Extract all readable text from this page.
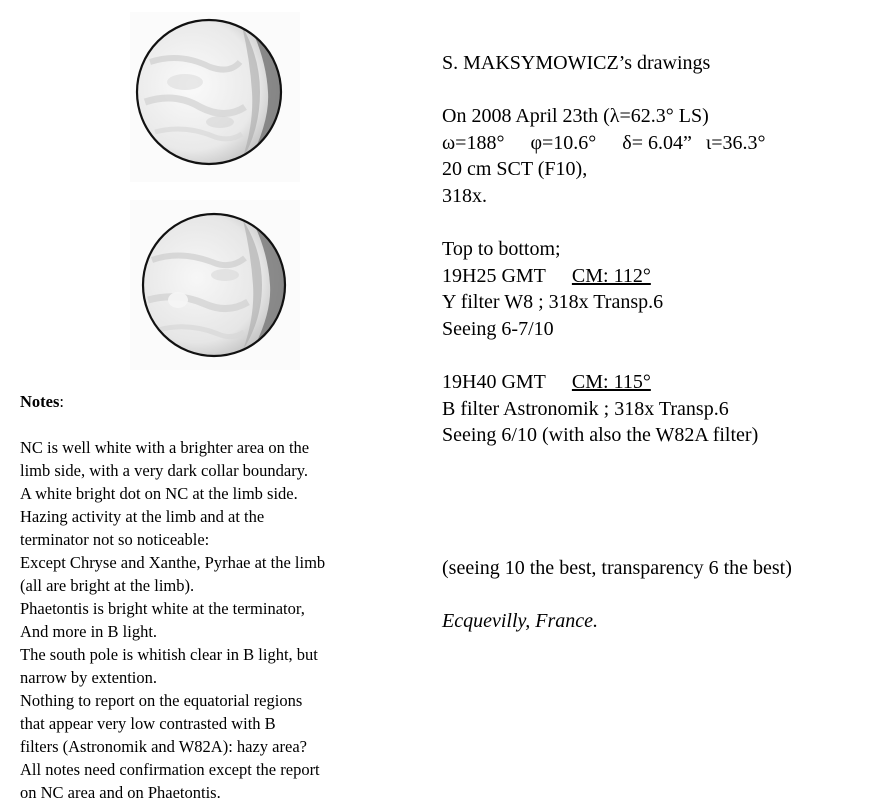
S. MAKSYMOWICZ’s drawings
On 2008 April 23th (λ=62.3° LS)
ω=188° φ=10.6° δ= 6.04” ι=36.3°
20 cm SCT (F10),
318x.
Top to bottom;
19H25 GMT CM: 112°
Y filter W8 ; 318x Transp.6
Seeing 6-7/10
19H40 GMT CM: 115°
B filter Astronomik ; 318x Transp.6
Seeing 6/10 (with also the W82A filter)
(seeing 10 the best, transparency 6 the best)
Ecquevilly, France.
Notes:
NC is well white with a brighter area on the
limb side, with a very dark collar boundary.
A white bright dot on NC at the limb side.
Hazing activity at the limb and at the
terminator not so noticeable:
Except Chryse and Xanthe, Pyrhae at the limb
(all are bright at the limb).
Phaetontis is bright white at the terminator,
And more in B light.
The south pole is whitish clear in B light, but
narrow by extention.
Nothing to report on the equatorial regions
that appear very low contrasted with B
filters (Astronomik and W82A): hazy area?
All notes need confirmation except the report
on NC area and on Phaetontis.
